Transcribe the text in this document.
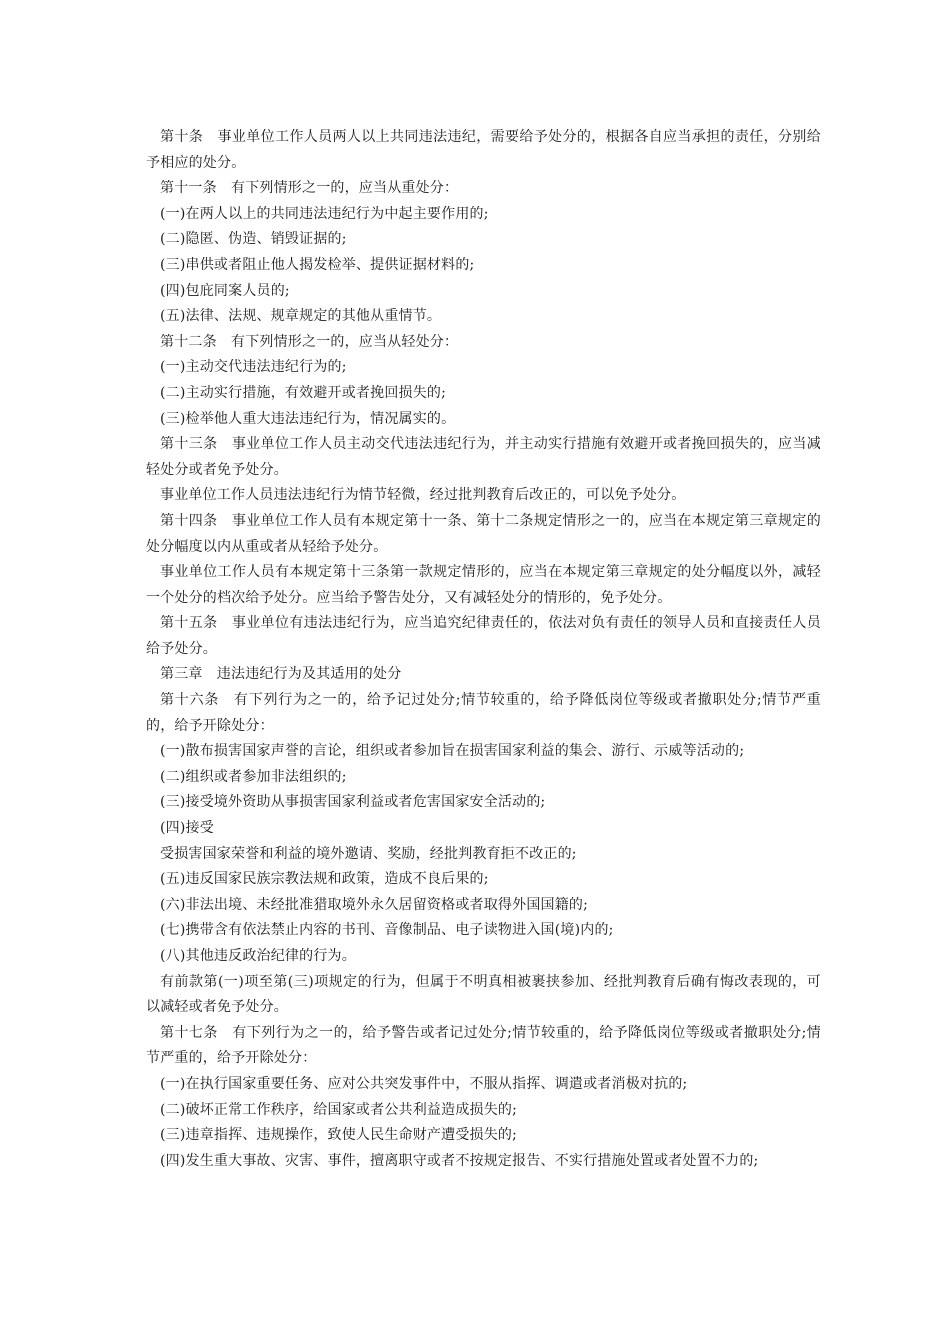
第十条　事业单位工作人员两人以上共同违法违纪，需要给予处分的，根据各自应当承担的责任，分别给予相应的处分。

第十一条　有下列情形之一的，应当从重处分：

(一)在两人以上的共同违法违纪行为中起主要作用的;

(二)隐匿、伪造、销毁证据的;

(三)串供或者阻止他人揭发检举、提供证据材料的;

(四)包庇同案人员的;

(五)法律、法规、规章规定的其他从重情节。

第十二条　有下列情形之一的，应当从轻处分：

(一)主动交代违法违纪行为的;

(二)主动实行措施，有效避开或者挽回损失的;

(三)检举他人重大违法违纪行为，情况属实的。

第十三条　事业单位工作人员主动交代违法违纪行为，并主动实行措施有效避开或者挽回损失的，应当减轻处分或者免予处分。

事业单位工作人员违法违纪行为情节轻微，经过批判教育后改正的，可以免予处分。

第十四条　事业单位工作人员有本规定第十一条、第十二条规定情形之一的，应当在本规定第三章规定的处分幅度以内从重或者从轻给予处分。

事业单位工作人员有本规定第十三条第一款规定情形的，应当在本规定第三章规定的处分幅度以外，减轻一个处分的档次给予处分。应当给予警告处分，又有减轻处分的情形的，免予处分。

第十五条　事业单位有违法违纪行为，应当追究纪律责任的，依法对负有责任的领导人员和直接责任人员给予处分。

第三章　违法违纪行为及其适用的处分

第十六条　有下列行为之一的，给予记过处分;情节较重的，给予降低岗位等级或者撤职处分;情节严重的，给予开除处分：

(一)散布损害国家声誉的言论，组织或者参加旨在损害国家利益的集会、游行、示威等活动的;

(二)组织或者参加非法组织的;

(三)接受境外资助从事损害国家利益或者危害国家安全活动的;

(四)接受

受损害国家荣誉和利益的境外邀请、奖励，经批判教育拒不改正的;

(五)违反国家民族宗教法规和政策，造成不良后果的;

(六)非法出境、未经批准猎取境外永久居留资格或者取得外国国籍的;

(七)携带含有依法禁止内容的书刊、音像制品、电子读物进入国(境)内的;

(八)其他违反政治纪律的行为。

有前款第(一)项至第(三)项规定的行为，但属于不明真相被裹挟参加、经批判教育后确有悔改表现的，可以减轻或者免予处分。

第十七条　有下列行为之一的，给予警告或者记过处分;情节较重的，给予降低岗位等级或者撤职处分;情节严重的，给予开除处分：

(一)在执行国家重要任务、应对公共突发事件中，不服从指挥、调遣或者消极对抗的;

(二)破坏正常工作秩序，给国家或者公共利益造成损失的;

(三)违章指挥、违规操作，致使人民生命财产遭受损失的;

(四)发生重大事故、灾害、事件，擅离职守或者不按规定报告、不实行措施处置或者处置不力的;
